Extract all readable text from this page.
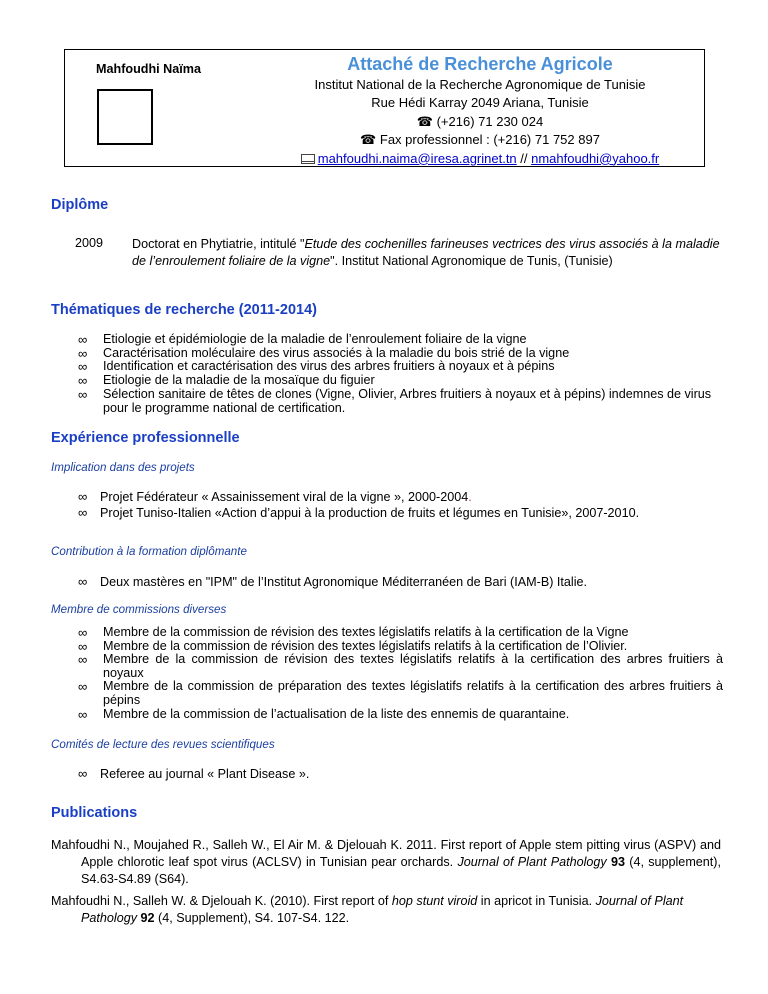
Mahfoudhi Naïma	Attaché de Recherche Agricole
Institut National de la Recherche Agronomique de Tunisie
Rue Hédi Karray 2049 Ariana, Tunisie
☎ (+216) 71 230 024
☎ Fax professionnel : (+216) 71 752 897
mahfoudhi.naima@iresa.agrinet.tn // nmahfoudhi@yahoo.fr
Diplôme
2009 Doctorat en Phytiatrie, intitulé "Etude des cochenilles farineuses vectrices des virus associés à la maladie de l’enroulement foliaire de la vigne". Institut National Agronomique de Tunis, (Tunisie)
Thématiques de recherche (2011-2014)
∞	Etiologie et épidémiologie de la maladie de l’enroulement foliaire de la vigne
∞	Caractérisation moléculaire des virus associés à la maladie du bois strié de la vigne
∞	Identification et caractérisation des virus des arbres fruitiers à noyaux et à pépins
∞	Etiologie de la maladie de la mosaïque du figuier
∞	Sélection sanitaire de têtes de clones (Vigne, Olivier, Arbres fruitiers à noyaux et à pépins) indemnes de virus pour le programme national de certification.
Expérience professionnelle
Implication dans des projets
∞	Projet Fédérateur « Assainissement viral de la vigne », 2000-2004.
∞	Projet Tuniso-Italien «Action d’appui à la production de fruits et légumes en Tunisie», 2007-2010.
Contribution à la formation diplômante
∞	Deux mastères en "IPM" de l’Institut Agronomique Méditerranéen de Bari (IAM-B) Italie.
Membre de commissions diverses
∞	Membre de la commission de révision des textes législatifs relatifs à la certification de la Vigne
∞	Membre de la commission de révision des textes législatifs relatifs à la certification de l’Olivier.
∞	Membre de la commission de révision des textes législatifs relatifs à la certification des arbres fruitiers à noyaux
∞	Membre de la commission de préparation des textes législatifs relatifs à la certification des arbres fruitiers à pépins
∞	Membre de la commission de l’actualisation de la liste des ennemis de quarantaine.
Comités de lecture des revues scientifiques
∞	Referee au journal « Plant Disease ».
Publications
Mahfoudhi N., Moujahed R., Salleh W., El Air M. & Djelouah K. 2011. First report of Apple stem pitting virus (ASPV) and Apple chlorotic leaf spot virus (ACLSV) in Tunisian pear orchards. Journal of Plant Pathology 93 (4, supplement), S4.63-S4.89 (S64).
Mahfoudhi N., Salleh W. & Djelouah K. (2010). First report of hop stunt viroid in apricot in Tunisia. Journal of Plant Pathology 92 (4, Supplement), S4. 107-S4. 122.
